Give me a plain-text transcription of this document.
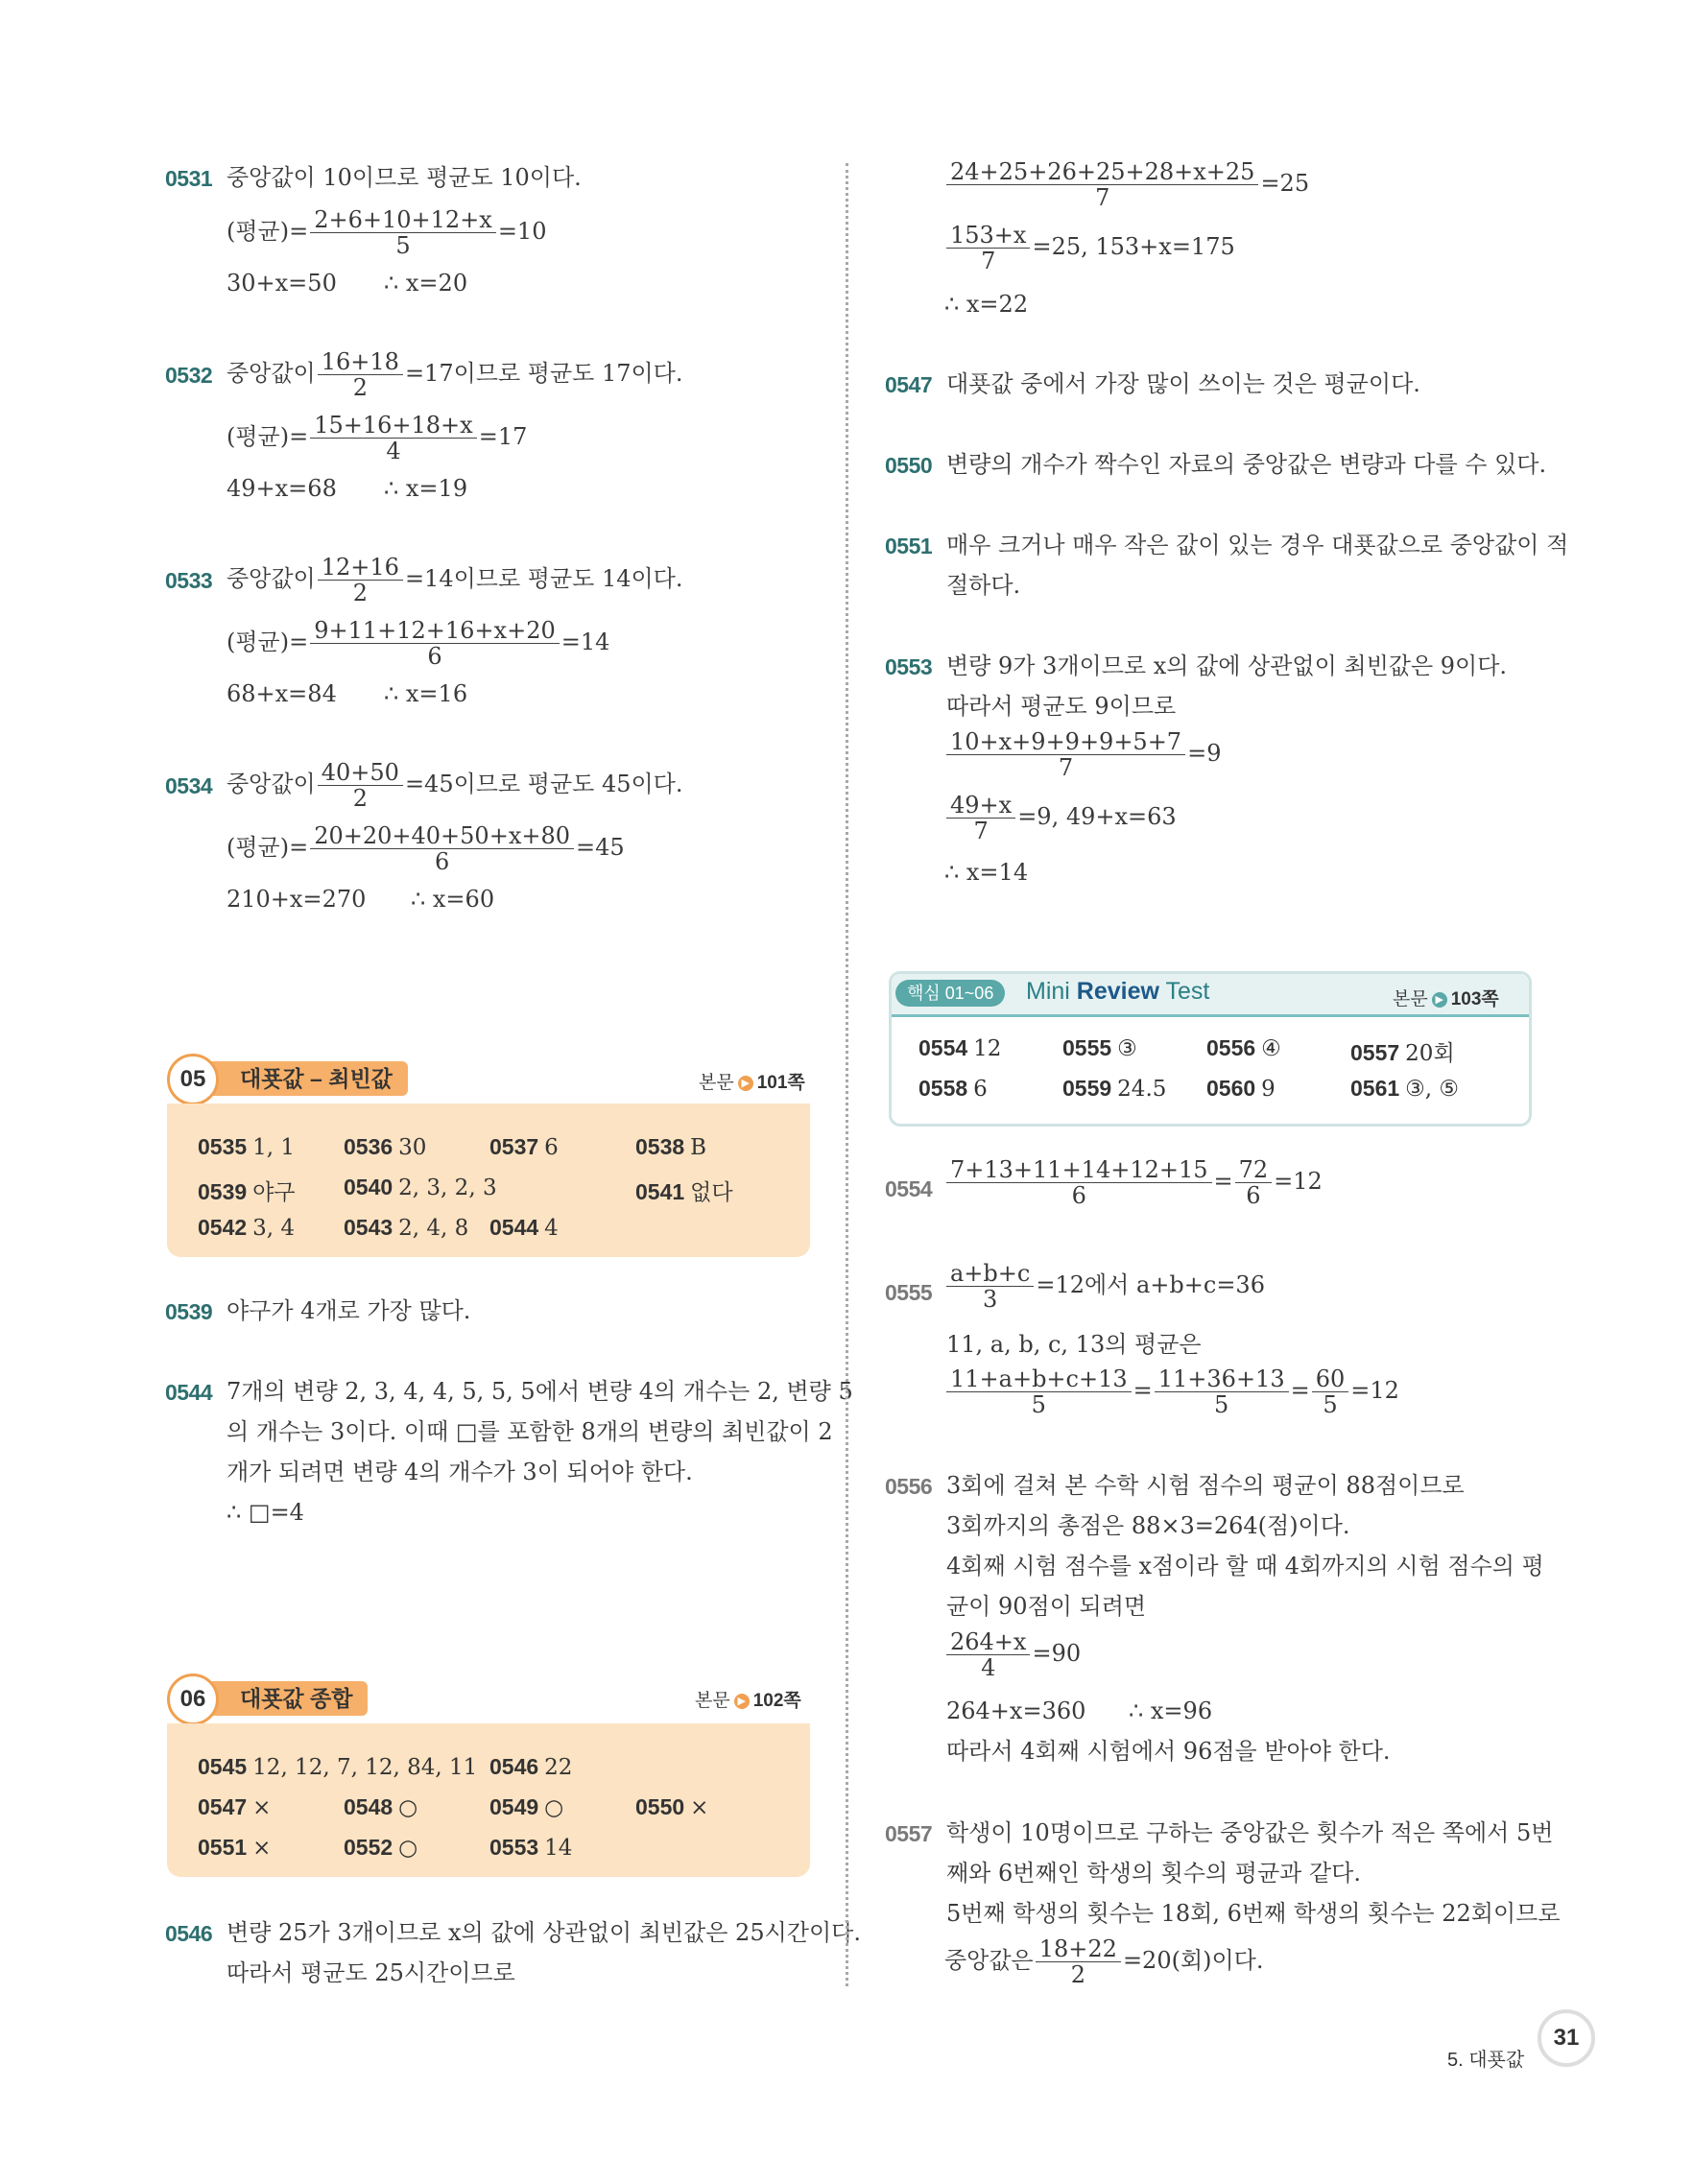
0531 중앙값이 10이므로 평균도 10이다.
(평균)= $\frac{2+6+10+12+x}{5} =10$
30+x=50 ∴ x=20
0532 중앙값이 $\frac{16+18}{2} =17$이므로 평균도 17이다.
(평균)= $\frac{15+16+18+x}{4} =17$
49+x=68 ∴ x=19
0533 중앙값이 $\frac{12+16}{2} =14$이므로 평균도 14이다.
(평균)= $\frac{9+11+12+16+x+20}{6} =14$
68+x=84 ∴ x=16
0534 중앙값이 $\frac{40+50}{2} =45$이므로 평균도 45이다.
(평균)= $\frac{20+20+40+50+x+80}{6} =45$
210+x=270 ∴ x=60
대푯값 – 최빈값
05	본문 ▶ 101쪽
0535 1, 1 0536 30	0537 6	0538 B
0539 야구 0540 2, 3, 2, 3	0541 없다
0542 3, 4 0543 2, 4, 8 0544 4
0539 야구가 4개로 가장 많다.
0544 7개의 변량 2, 3, 4, 4, 5, 5, 5에서 변량 4의 개수는 2, 변량 5
의 개수는 3이다. 이때 □를 포함한 8개의 변량의 최빈값이 2
개가 되려면 변량 4의 개수가 3이 되어야 한다.
∴ □=4
대푯값 종합
06	본문 ▶ 102쪽
0545 12, 12, 7, 12, 84, 11 0546 22
0547 ×	0548 ○	0549 ○	0550 ×
0551 ×	0552 ○	0553 14
0546 변량 25가 3개이므로 x의 값에 상관없이 최빈값은 25시간이다.
따라서 평균도 25시간이므로
$\frac{24+25+26+25+28+x+25}{7} =25$
$\frac{153+x}{7} =25$, 153+x=175
∴ x=22
0547 대푯값 중에서 가장 많이 쓰이는 것은 평균이다.
0550 변량의 개수가 짝수인 자료의 중앙값은 변량과 다를 수 있다.
0551 매우 크거나 매우 작은 값이 있는 경우 대푯값으로 중앙값이 적
절하다.
0553 변량 9가 3개이므로 x의 값에 상관없이 최빈값은 9이다.
따라서 평균도 9이므로
$\frac{10+x+9+9+9+5+7}{7} =9$
$\frac{49+x}{7} =9$, 49+x=63
∴ x=14
핵심 01~06	Mini Review Test	본문 ▶ 103쪽
0554 12	0555 ③	0556 ④	0557 20회
0558 6	0559 24.5 0560 9	0561 ③, ⑤
$0554 \frac{7+13+11+14+12+15}{6} = \frac{72}{6} =12$
$0555 \frac{a+b+c}{3} =12$에서 a+b+c=36
11, a, b, c, 13의 평균은
$\frac{11+a+b+c+13}{5} = \frac{11+36+13}{5} = \frac{60}{5} =12$
0556 3회에 걸쳐 본 수학 시험 점수의 평균이 88점이므로
3회까지의 총점은 88×3=264(점)이다.
4회째 시험 점수를 x점이라 할 때 4회까지의 시험 점수의 평
균이 90점이 되려면
$\frac{264+x}{4} =90$
264+x=360 ∴ x=96
따라서 4회째 시험에서 96점을 받아야 한다.
0557 학생이 10명이므로 구하는 중앙값은 횟수가 적은 쪽에서 5번
째와 6번째인 학생의 횟수의 평균과 같다.
5번째 학생의 횟수는 18회, 6번째 학생의 횟수는 22회이므로
중앙값은 $\frac{18+22}{2} =20$(회)이다.
5. 대푯값
31
